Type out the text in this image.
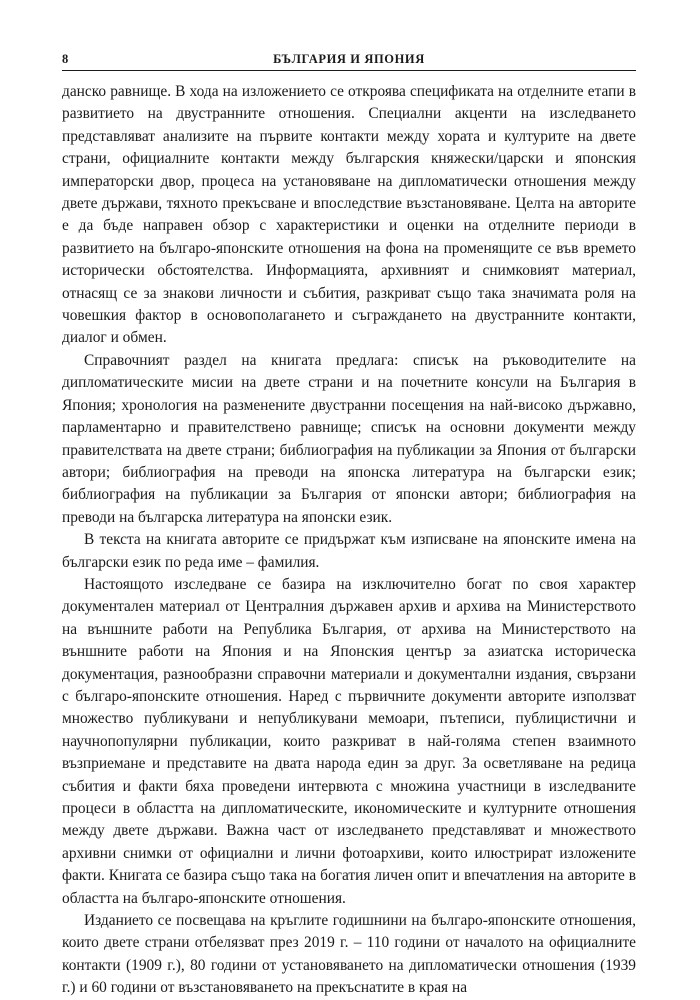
8	БЪЛГАРИЯ И ЯПОНИЯ

данско равнище. В хода на изложението се откроява спецификата на отделните етапи в развитието на двустранните отношения. Специални акценти на изследването представляват анализите на първите контакти между хората и културите на двете страни, официалните контакти между българския княжески/царски и японския императорски двор, процеса на установяване на дипломатически отношения между двете държави, тяхното прекъсване и впоследствие възстановяване. Целта на авторите е да бъде направен обзор с характеристики и оценки на отделните периоди в развитието на българо-японските отношения на фона на променящите се във времето исторически обстоятелства. Информацията, архивният и снимковият материал, отнасящ се за знакови личности и събития, разкриват също така значимата роля на човешкия фактор в основополагането и съграждането на двустранните контакти, диалог и обмен.

Справочният раздел на книгата предлага: списък на ръководителите на дипломатическите мисии на двете страни и на почетните консули на България в Япония; хронология на разменените двустранни посещения на най-високо държавно, парламентарно и правителствено равнище; списък на основни документи между правителствата на двете страни; библиография на публикации за Япония от български автори; библиография на преводи на японска литература на български език; библиография на публикации за България от японски автори; библиография на преводи на българска литература на японски език.

В текста на книгата авторите се придържат към изписване на японските имена на български език по реда име – фамилия.

Настоящото изследване се базира на изключително богат по своя характер документален материал от Централния държавен архив и архива на Министерството на външните работи на Република България, от архива на Министерството на външните работи на Япония и на Японския център за азиатска историческа документация, разнообразни справочни материали и документални издания, свързани с българо-японските отношения. Наред с първичните документи авторите използват множество публикувани и непубликувани мемоари, пътеписи, публицистични и научнопопулярни публикации, които разкриват в най-голяма степен взаимното възприемане и представите на двата народа един за друг. За осветляване на редица събития и факти бяха проведени интервюта с множина участници в изследваните процеси в областта на дипломатическите, икономическите и културните отношения между двете държави. Важна част от изследването представляват и множеството архивни снимки от официални и лични фотоархиви, които илюстрират изложените факти. Книгата се базира също така на богатия личен опит и впечатления на авторите в областта на българо-японските отношения.

Изданието се посвещава на кръглите годишнини на българо-японските отношения, които двете страни отбелязват през 2019 г. – 110 години от началото на официалните контакти (1909 г.), 80 години от установяването на дипломатически отношения (1939 г.) и 60 години от възстановяването на прекъснатите в края на
